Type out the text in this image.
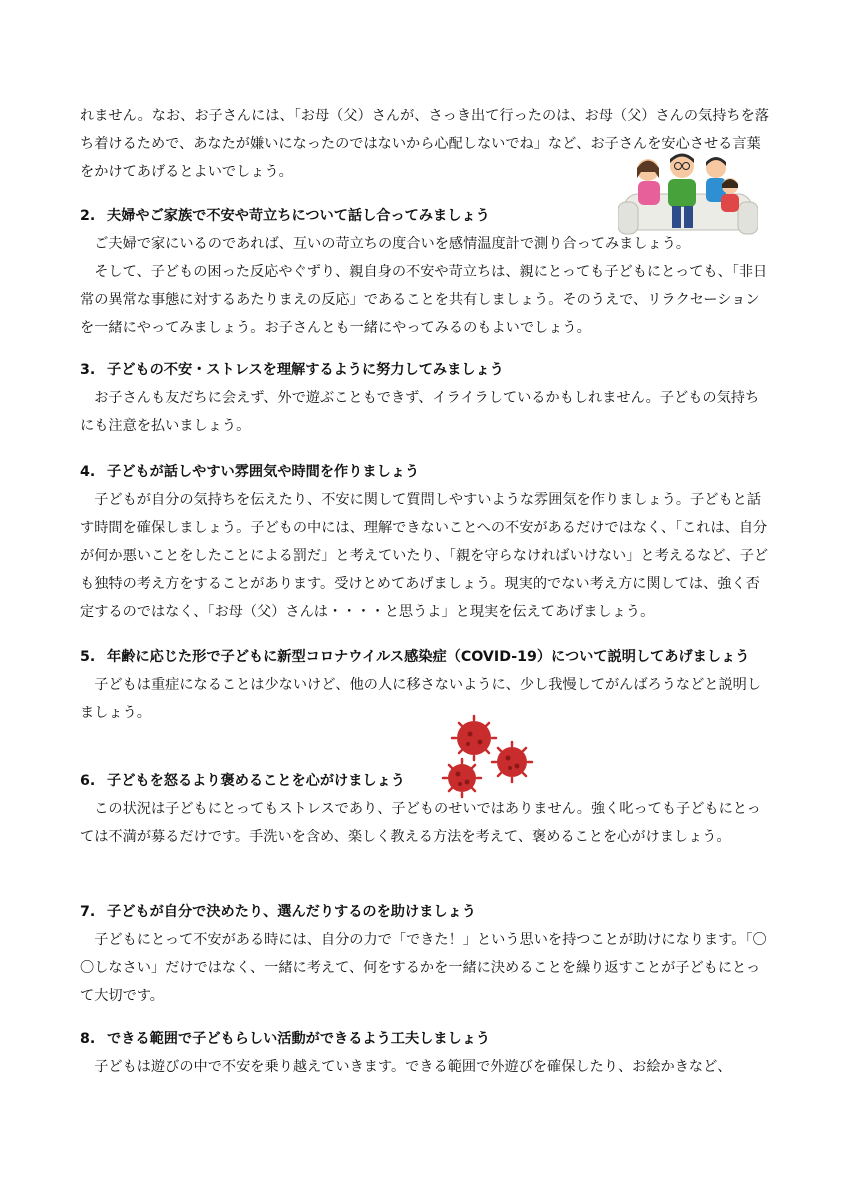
れません。なお、お子さんには、「お母（父）さんが、さっき出て行ったのは、お母（父）さんの気持ちを落ち着けるためで、あなたが嫌いになったのではないから心配しないでね」など、お子さんを安心させる言葉をかけてあげるとよいでしょう。

2. 夫婦やご家族で不安や苛立ちについて話し合ってみましょう

ご夫婦で家にいるのであれば、互いの苛立ちの度合いを感情温度計で測り合ってみましょう。

そして、子どもの困った反応やぐずり、親自身の不安や苛立ちは、親にとっても子どもにとっても、「非日常の異常な事態に対するあたりまえの反応」であることを共有しましょう。そのうえで、リラクセーションを一緒にやってみましょう。お子さんとも一緒にやってみるのもよいでしょう。

3. 子どもの不安・ストレスを理解するように努力してみましょう

お子さんも友だちに会えず、外で遊ぶこともできず、イライラしているかもしれません。子どもの気持ちにも注意を払いましょう。

4. 子どもが話しやすい雰囲気や時間を作りましょう

子どもが自分の気持ちを伝えたり、不安に関して質問しやすいような雰囲気を作りましょう。子どもと話す時間を確保しましょう。子どもの中には、理解できないことへの不安があるだけではなく、「これは、自分が何か悪いことをしたことによる罰だ」と考えていたり、「親を守らなければいけない」と考えるなど、子ども独特の考え方をすることがあります。受けとめてあげましょう。現実的でない考え方に関しては、強く否定するのではなく、「お母（父）さんは・・・・と思うよ」と現実を伝えてあげましょう。

5. 年齢に応じた形で子どもに新型コロナウイルス感染症（COVID-19）について説明してあげましょう

子どもは重症になることは少ないけど、他の人に移さないように、少し我慢してがんばろうなどと説明しましょう。

6. 子どもを怒るより褒めることを心がけましょう

この状況は子どもにとってもストレスであり、子どものせいではありません。強く叱っても子どもにとっては不満が募るだけです。手洗いを含め、楽しく教える方法を考えて、褒めることを心がけましょう。

7. 子どもが自分で決めたり、選んだりするのを助けましょう

子どもにとって不安がある時には、自分の力で「できた！」という思いを持つことが助けになります。「〇〇しなさい」だけではなく、一緒に考えて、何をするかを一緒に決めることを繰り返すことが子どもにとって大切です。

8. できる範囲で子どもらしい活動ができるよう工夫しましょう

子どもは遊びの中で不安を乗り越えていきます。できる範囲で外遊びを確保したり、お絵かきなど、
